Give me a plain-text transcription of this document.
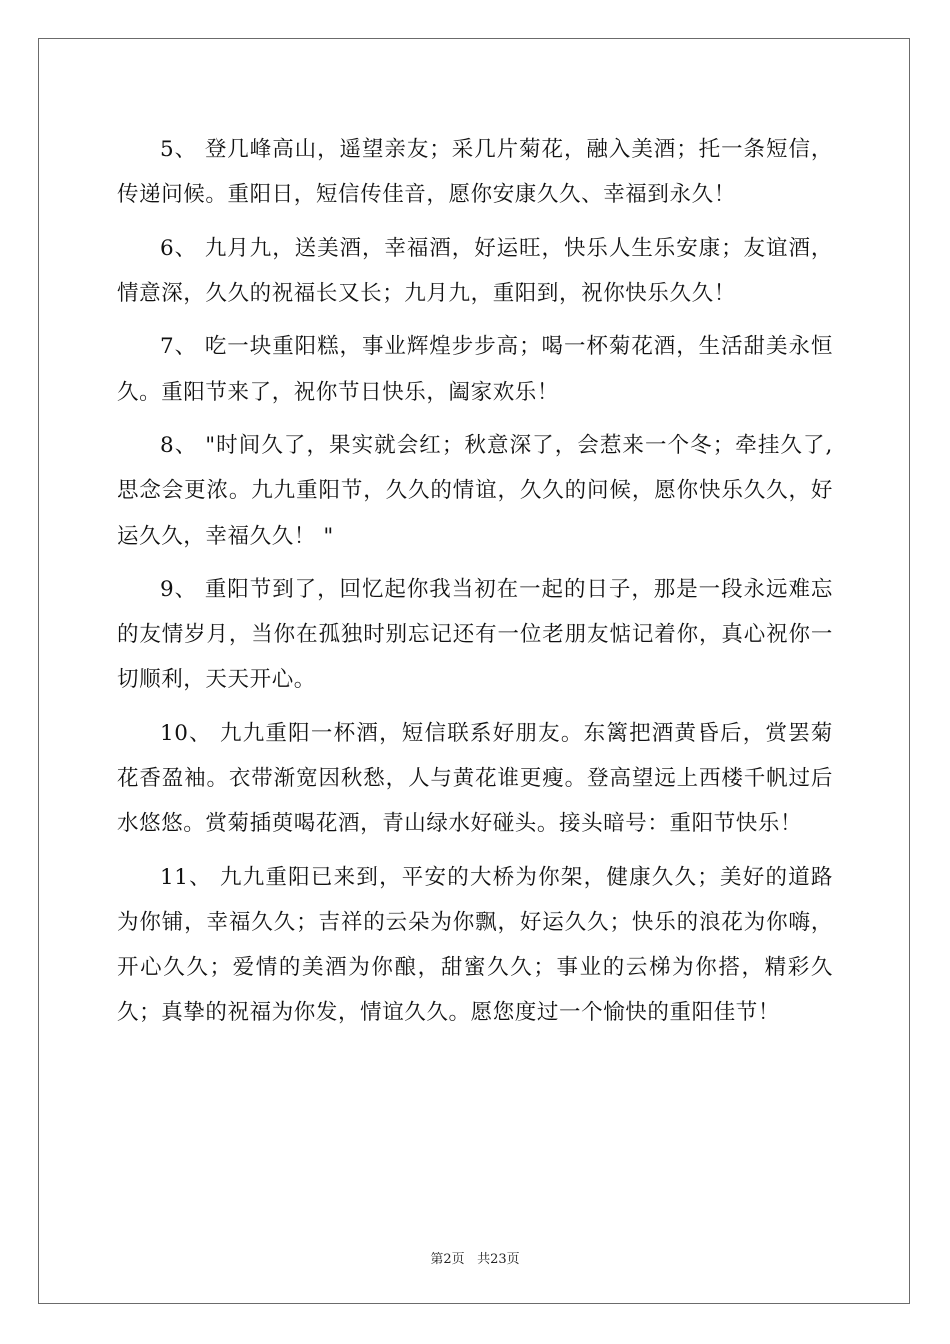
5、 登几峰高山，遥望亲友；采几片菊花，融入美酒；托一条短信，传递问候。重阳日，短信传佳音，愿你安康久久、幸福到永久！

6、 九月九，送美酒，幸福酒，好运旺，快乐人生乐安康；友谊酒，情意深，久久的祝福长又长；九月九，重阳到，祝你快乐久久！

7、 吃一块重阳糕，事业辉煌步步高；喝一杯菊花酒，生活甜美永恒久。重阳节来了，祝你节日快乐，阖家欢乐！

8、 "时间久了，果实就会红；秋意深了，会惹来一个冬；牵挂久了,思念会更浓。九九重阳节，久久的情谊，久久的问候，愿你快乐久久，好运久久，幸福久久！ "

9、 重阳节到了，回忆起你我当初在一起的日子，那是一段永远难忘的友情岁月，当你在孤独时别忘记还有一位老朋友惦记着你，真心祝你一切顺利，天天开心。

10、 九九重阳一杯酒，短信联系好朋友。东篱把酒黄昏后，赏罢菊花香盈袖。衣带渐宽因秋愁，人与黄花谁更瘦。登高望远上西楼千帆过后水悠悠。赏菊插萸喝花酒，青山绿水好碰头。接头暗号：重阳节快乐！

11、 九九重阳已来到，平安的大桥为你架，健康久久；美好的道路为你铺，幸福久久；吉祥的云朵为你飘，好运久久；快乐的浪花为你嗨，开心久久；爱情的美酒为你酿，甜蜜久久；事业的云梯为你搭，精彩久久；真挚的祝福为你发，情谊久久。愿您度过一个愉快的重阳佳节！

第2页 共23页
